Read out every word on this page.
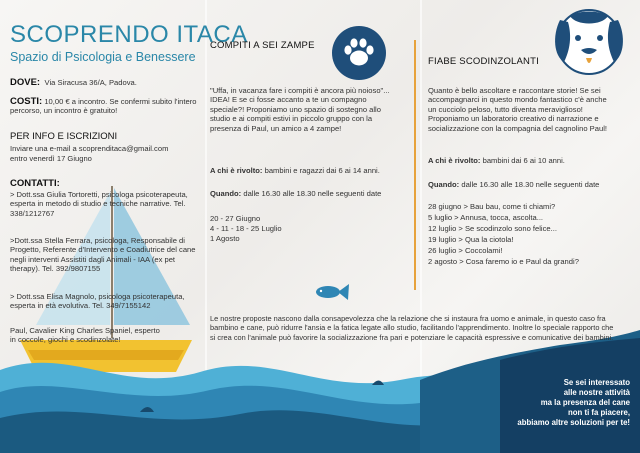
SCOPRENDO ITACA
Spazio di Psicologia e Benessere
DOVE: Via Siracusa 36/A, Padova.
COSTI: 10,00 € a incontro. Se confermi subito l'intero percorso, un incontro è gratuito!
PER INFO E ISCRIZIONI

Inviare una e-mail a scoprenditaca@gmail.com

entro venerdì 17 Giugno

CONTATTI:

> Dott.ssa Giulia Tortoretti, psicologa psicoterapeuta, esperta in metodo di studio e tecniche narrative. Tel. 338/1212767

>Dott.ssa Stella Ferrara, psicologa, Responsabile di Progetto, Referente d'Intervento e Coadiutrice del cane negli interventi Assistiti dagli Animali - IAA (ex pet therapy). Tel. 392/9807155

> Dott.ssa Elisa Magnolo, psicologa psicoterapeuta, esperta in età evolutiva. Tel. 349/7155142

Paul, Cavalier King Charles Spaniel, esperto in coccole, giochi e scodinzolate!

COMPITI A SEI ZAMPE

"Uffa, in vacanza fare i compiti è ancora più noioso"... IDEA! E se ci fosse accanto a te un compagno speciale?! Proponiamo uno spazio di sostegno allo studio e ai compiti estivi in piccolo gruppo con la presenza di Paul, un amico a 4 zampe!

A chi è rivolto: bambini e ragazzi dai 6 ai 14 anni.
Quando: dalle 16.30 alle 18.30 nelle seguenti date

20 - 27 Giugno

4 - 11 - 18 - 25 Luglio

1 Agosto

FIABE SCODINZOLANTI

Quanto è bello ascoltare e raccontare storie! Se sei accompagnarci in questo mondo fantastico c'è anche un cucciolo peloso, tutto diventa meraviglioso! Proponiamo un laboratorio creativo di narrazione e socializzazione con la compagnia del cagnolino Paul!

A chi è rivolto: bambini dai 6 ai 10 anni.
Quando: dalle 16.30 alle 18.30 nelle seguenti date

28 giugno > Bau bau, come ti chiami?

5 luglio > Annusa, tocca, ascolta...

12 luglio > Se scodinzolo sono felice...

19 luglio > Qua la ciotola!

26 luglio > Coccolami!

2 agosto > Cosa faremo io e Paul da grandi?

Le nostre proposte nascono dalla consapevolezza che la relazione che si instaura fra uomo e animale, in questo caso fra bambino e cane, può ridurre l'ansia e la fatica legate allo studio, facilitando l'apprendimento. Inoltre lo speciale rapporto che si crea con l'animale può favorire la socializzazione fra pari e potenziare le capacità espressive e comunicative dei bambini.
Se sei interessato
alle nostre attività
ma la presenza del cane
non ti fa piacere,
abbiamo altre soluzioni per te!
